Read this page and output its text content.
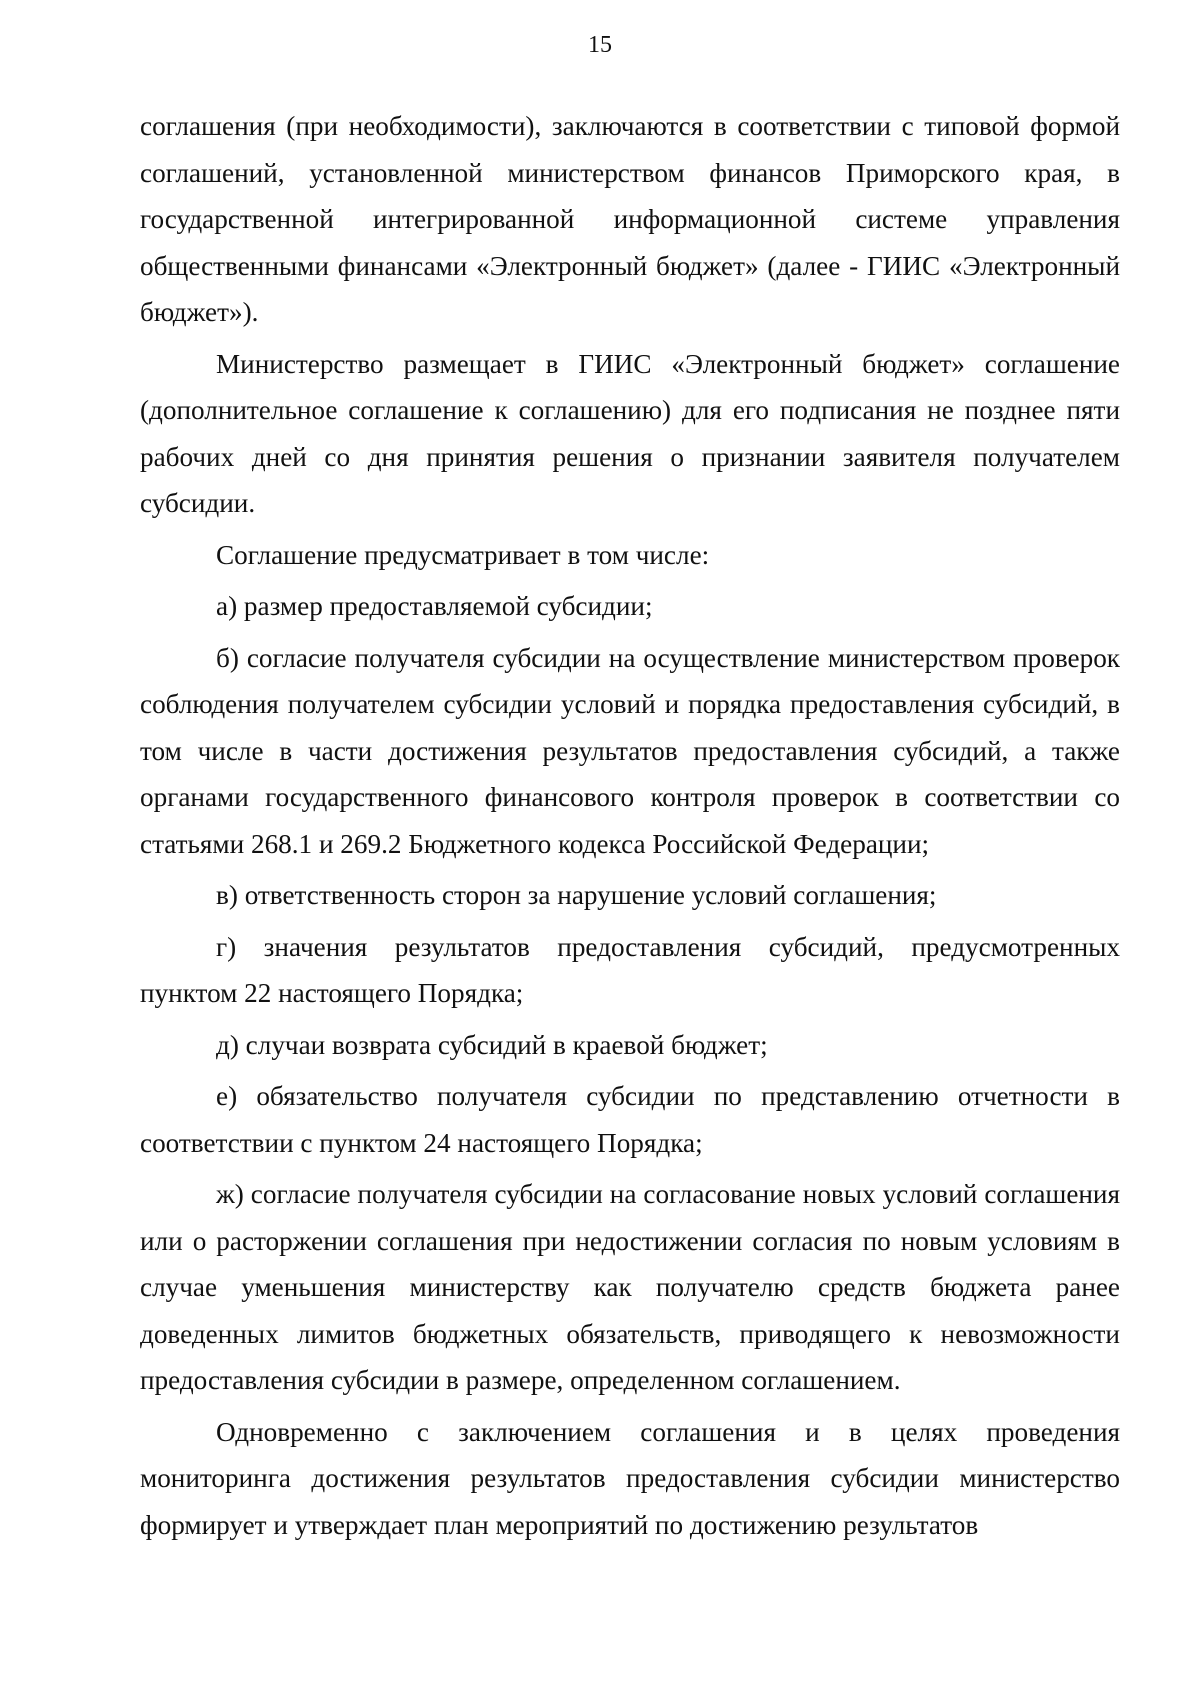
15

соглашения (при необходимости), заключаются в соответствии с типовой формой соглашений, установленной министерством финансов Приморского края, в государственной интегрированной информационной системе управления общественными финансами «Электронный бюджет» (далее - ГИИС «Электронный бюджет»).

Министерство размещает в ГИИС «Электронный бюджет» соглашение (дополнительное соглашение к соглашению) для его подписания не позднее пяти рабочих дней со дня принятия решения о признании заявителя получателем субсидии.

Соглашение предусматривает в том числе:

а) размер предоставляемой субсидии;

б) согласие получателя субсидии на осуществление министерством проверок соблюдения получателем субсидии условий и порядка предоставления субсидий, в том числе в части достижения результатов предоставления субсидий, а также органами государственного финансового контроля проверок в соответствии со статьями 268.1 и 269.2 Бюджетного кодекса Российской Федерации;

в) ответственность сторон за нарушение условий соглашения;

г) значения результатов предоставления субсидий, предусмотренных пунктом 22 настоящего Порядка;

д) случаи возврата субсидий в краевой бюджет;

е) обязательство получателя субсидии по представлению отчетности в соответствии с пунктом 24 настоящего Порядка;

ж) согласие получателя субсидии на согласование новых условий соглашения или о расторжении соглашения при недостижении согласия по новым условиям в случае уменьшения министерству как получателю средств бюджета ранее доведенных лимитов бюджетных обязательств, приводящего к невозможности предоставления субсидии в размере, определенном соглашением.

Одновременно с заключением соглашения и в целях проведения мониторинга достижения результатов предоставления субсидии министерство формирует и утверждает план мероприятий по достижению результатов
